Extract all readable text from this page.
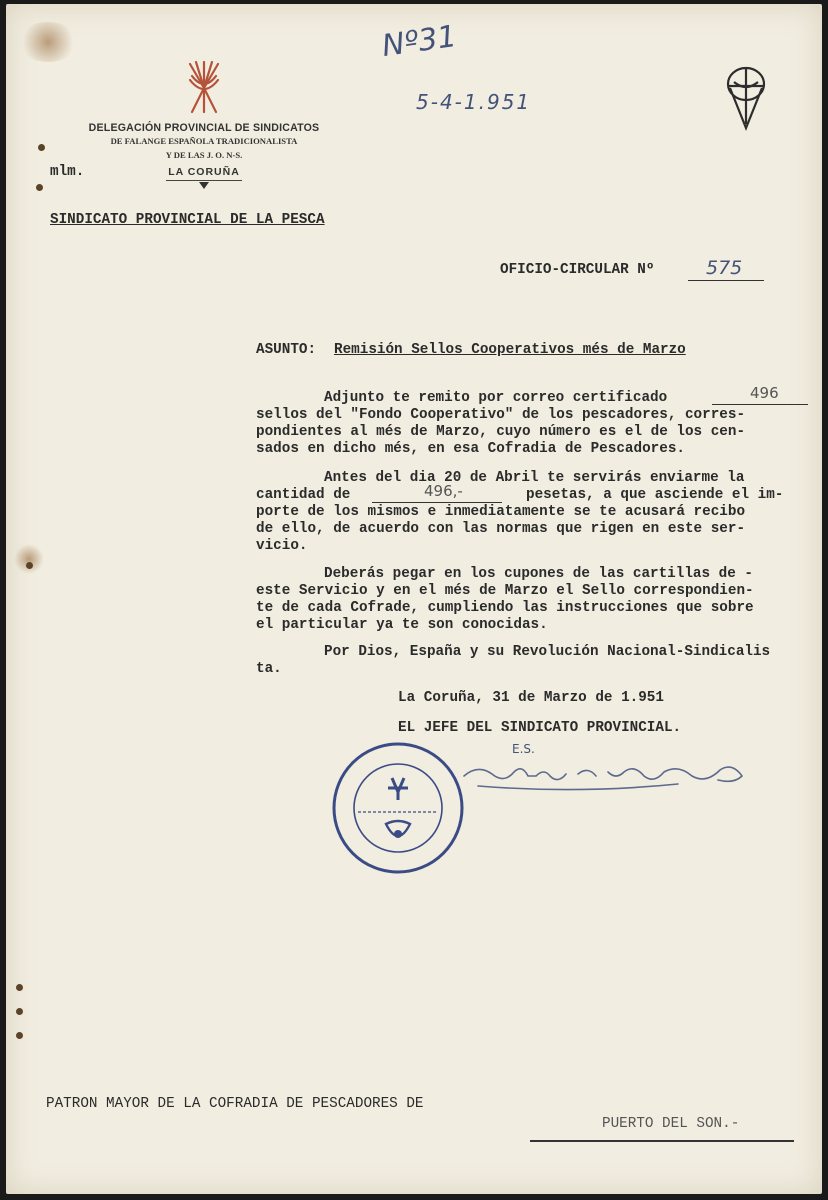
DELEGACIÓN PROVINCIAL DE SINDICATOS
DE FALANGE ESPAÑOLA TRADICIONALISTA
Y DE LAS J. O. N-S.
LA CORUÑA
Nº31
5-4-1.951
mlm.
SINDICATO PROVINCIAL DE LA PESCA
OFICIO-CIRCULAR Nº	575
ASUNTO: Remisión Sellos Cooperativos més de Marzo
Adjunto te remito por correo certificado	496
sellos del "Fondo Cooperativo" de los pescadores, corres-
pondientes al més de Marzo, cuyo número es el de los cen-
sados en dicho més, en esa Cofradia de Pescadores.
Antes del dia 20 de Abril te servirás enviarme la
cantidad de	496,-	pesetas, a que asciende el im-
porte de los mismos e inmediatamente se te acusará recibo
de ello, de acuerdo con las normas que rigen en este ser-
vicio.
Deberás pegar en los cupones de las cartillas de -
este Servicio y en el més de Marzo el Sello correspondien-
te de cada Cofrade, cumpliendo las instrucciones que sobre
el particular ya te son conocidas.
Por Dios, España y su Revolución Nacional-Sindicalis
ta.
La Coruña, 31 de Marzo de 1.951
EL JEFE DEL SINDICATO PROVINCIAL.
E.S.
PATRON MAYOR DE LA COFRADIA DE PESCADORES DE
PUERTO DEL SON.-
